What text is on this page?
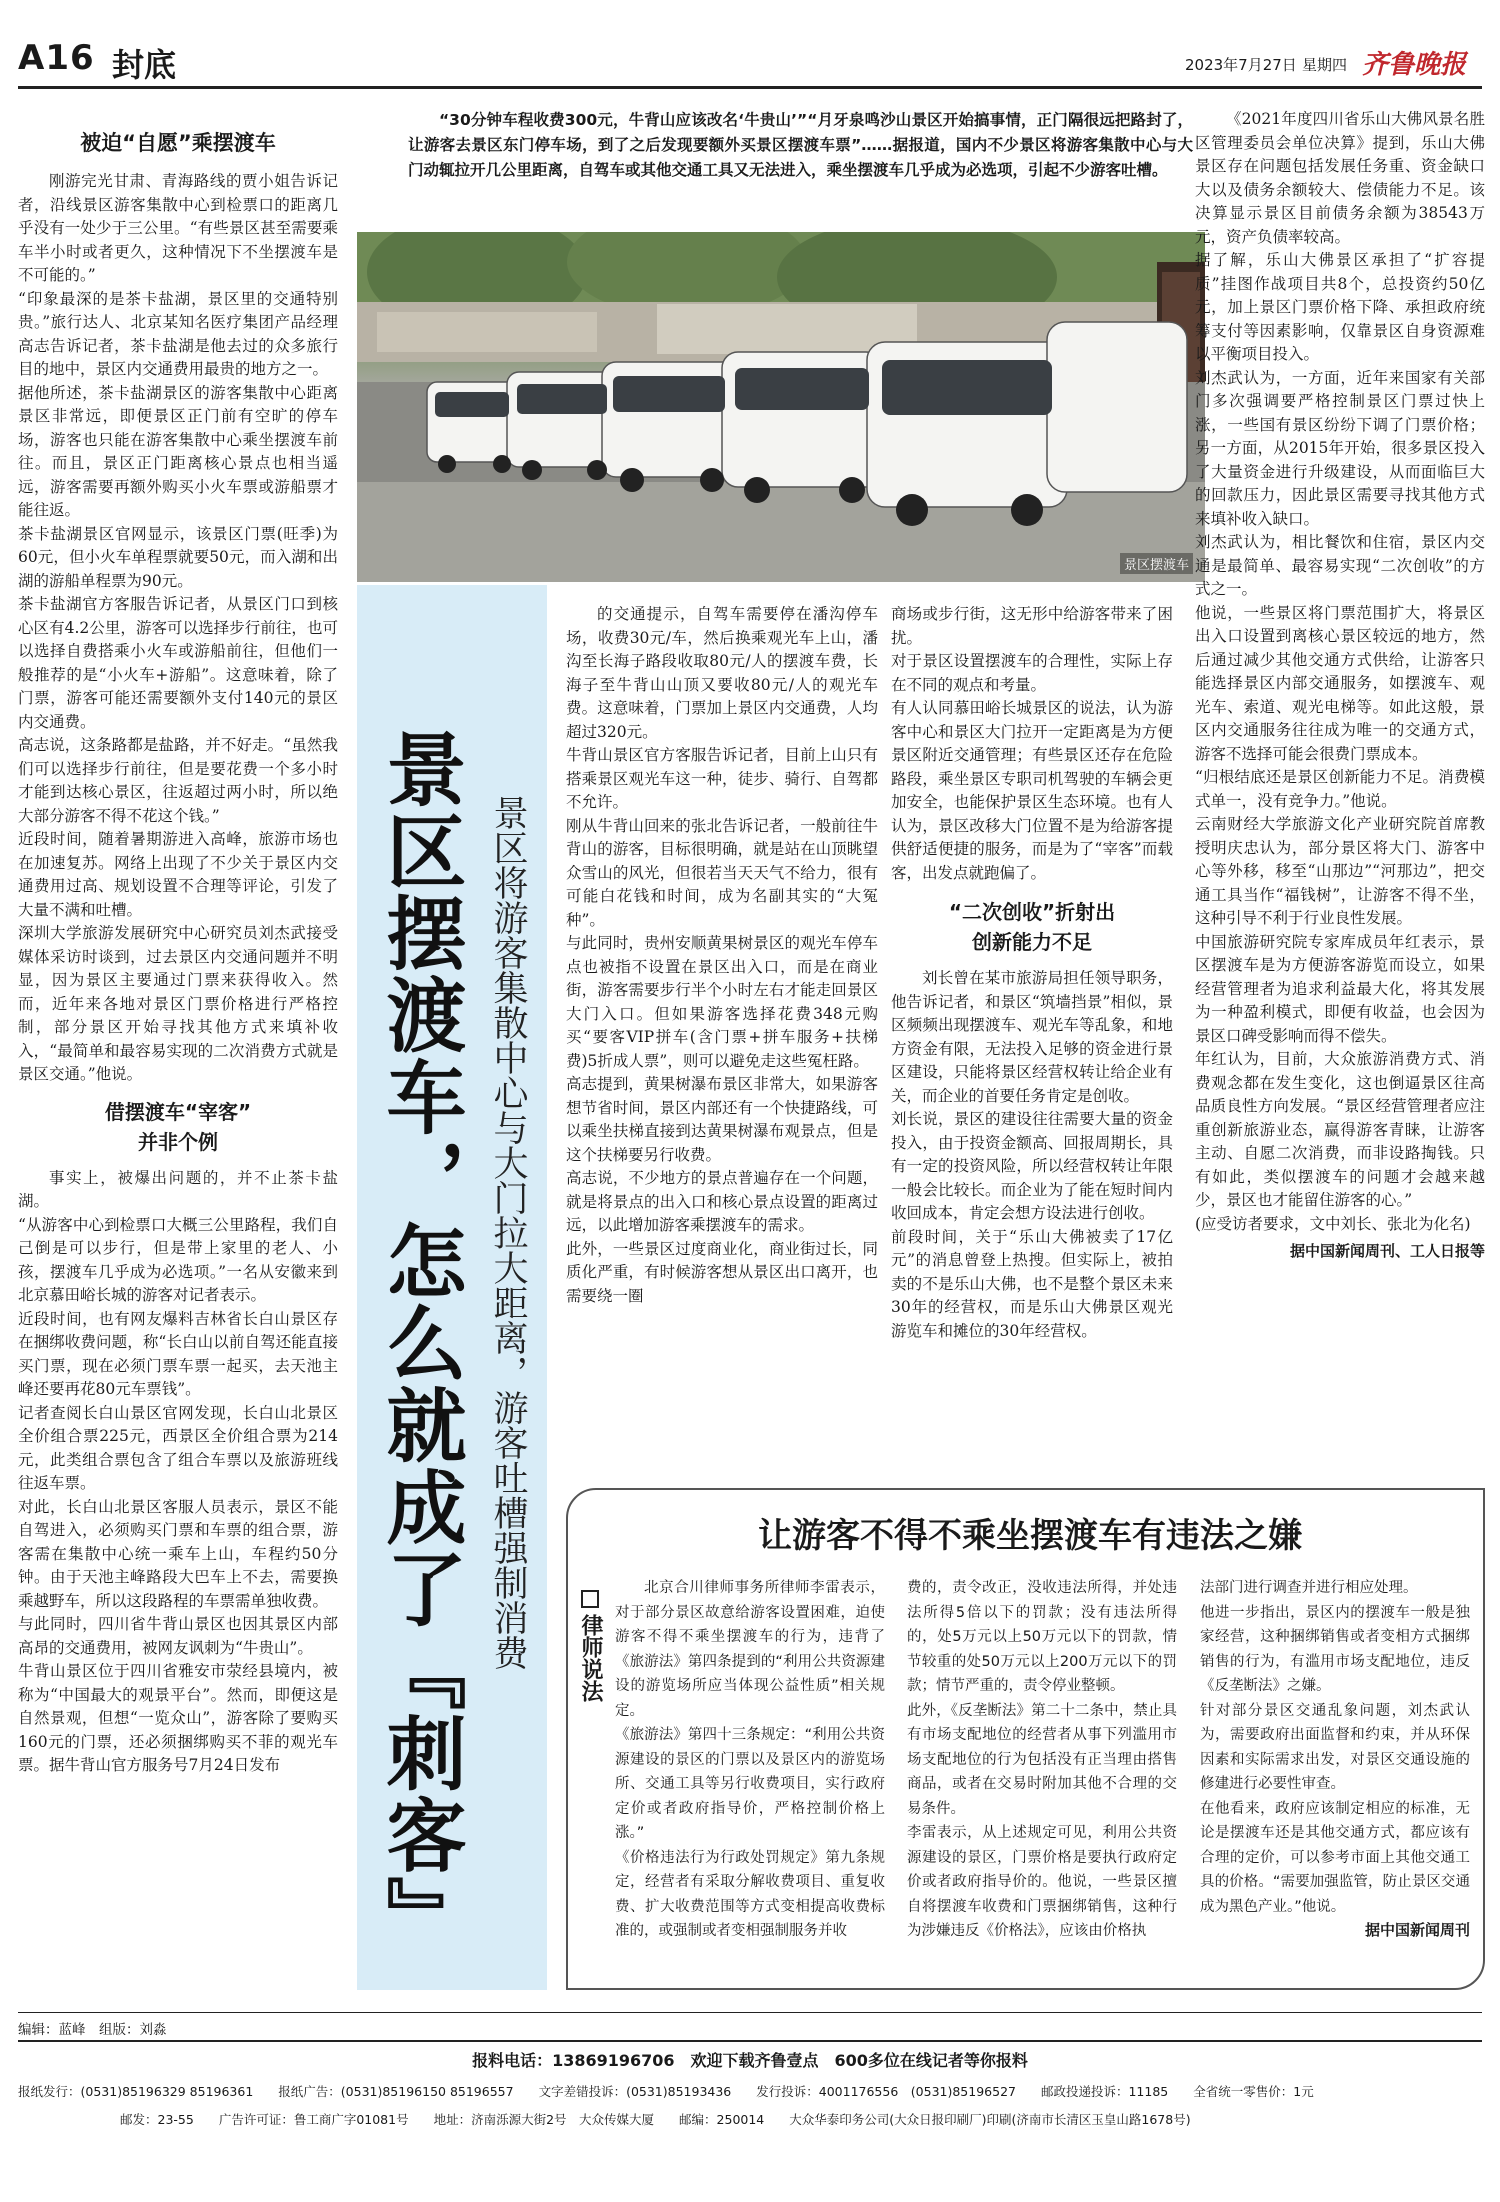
A16 封底	2023年7月27日 星期四 齐鲁晚报
被迫“自愿”乘摆渡车
刚游完光甘肃、青海路线的贾小姐告诉记者，沿线景区游客集散中心到检票口的距离几乎没有一处少于三公里。“有些景区甚至需要乘车半小时或者更久，这种情况下不坐摆渡车是不可能的。”
“印象最深的是茶卡盐湖，景区里的交通特别贵。”旅行达人、北京某知名医疗集团产品经理高志告诉记者，茶卡盐湖是他去过的众多旅行目的地中，景区内交通费用最贵的地方之一。
据他所述，茶卡盐湖景区的游客集散中心距离景区非常远，即便景区正门前有空旷的停车场，游客也只能在游客集散中心乘坐摆渡车前往。而且，景区正门距离核心景点也相当遥远，游客需要再额外购买小火车票或游船票才能往返。
茶卡盐湖景区官网显示，该景区门票(旺季)为60元，但小火车单程票就要50元，而入湖和出湖的游船单程票为90元。
茶卡盐湖官方客服告诉记者，从景区门口到核心区有4.2公里，游客可以选择步行前往，也可以选择自费搭乘小火车或游船前往，但他们一般推荐的是“小火车+游船”。这意味着，除了门票，游客可能还需要额外支付140元的景区内交通费。
高志说，这条路都是盐路，并不好走。“虽然我们可以选择步行前往，但是要花费一个多小时才能到达核心景区，往返超过两小时，所以绝大部分游客不得不花这个钱。”
近段时间，随着暑期游进入高峰，旅游市场也在加速复苏。网络上出现了不少关于景区内交通费用过高、规划设置不合理等评论，引发了大量不满和吐槽。
深圳大学旅游发展研究中心研究员刘杰武接受媒体采访时谈到，过去景区内交通问题并不明显，因为景区主要通过门票来获得收入。然而，近年来各地对景区门票价格进行严格控制，部分景区开始寻找其他方式来填补收入，“最简单和最容易实现的二次消费方式就是景区交通。”他说。
借摆渡车“宰客”
并非个例
事实上，被爆出问题的，并不止茶卡盐湖。
“从游客中心到检票口大概三公里路程，我们自己倒是可以步行，但是带上家里的老人、小孩，摆渡车几乎成为必选项。”一名从安徽来到北京慕田峪长城的游客对记者表示。
近段时间，也有网友爆料吉林省长白山景区存在捆绑收费问题，称“长白山以前自驾还能直接买门票，现在必须门票车票一起买，去天池主峰还要再花80元车票钱”。
记者查阅长白山景区官网发现，长白山北景区全价组合票225元，西景区全价组合票为214元，此类组合票包含了组合车票以及旅游班线往返车票。
对此，长白山北景区客服人员表示，景区不能自驾进入，必须购买门票和车票的组合票，游客需在集散中心统一乘车上山，车程约50分钟。由于天池主峰路段大巴车上不去，需要换乘越野车，所以这段路程的车票需单独收费。
与此同时，四川省牛背山景区也因其景区内部高昂的交通费用，被网友讽刺为“牛贵山”。
牛背山景区位于四川省雅安市荥经县境内，被称为“中国最大的观景平台”。然而，即便这是自然景观，但想“一览众山”，游客除了要购买160元的门票，还必须捆绑购买不菲的观光车票。据牛背山官方服务号7月24日发布
“30分钟车程收费300元，牛背山应该改名‘牛贵山’”“月牙泉鸣沙山景区开始搞事情，正门隔很远把路封了，让游客去景区东门停车场，到了之后发现要额外买景区摆渡车票”……据报道，国内不少景区将游客集散中心与大门动辄拉开几公里距离，自驾车或其他交通工具又无法进入，乘坐摆渡车几乎成为必选项，引起不少游客吐槽。
景区摆渡车
景区摆渡车，怎么就成了『刺客』 景区将游客集散中心与大门拉大距离，游客吐槽强制消费
的交通提示，自驾车需要停在潘沟停车场，收费30元/车，然后换乘观光车上山，潘沟至长海子路段收取80元/人的摆渡车费，长海子至牛背山山顶又要收80元/人的观光车费。这意味着，门票加上景区内交通费，人均超过320元。
牛背山景区官方客服告诉记者，目前上山只有搭乘景区观光车这一种，徒步、骑行、自驾都不允许。
刚从牛背山回来的张北告诉记者，一般前往牛背山的游客，目标很明确，就是站在山顶眺望众雪山的风光，但很若当天天气不给力，很有可能白花钱和时间，成为名副其实的“大冤种”。
与此同时，贵州安顺黄果树景区的观光车停车点也被指不设置在景区出入口，而是在商业街，游客需要步行半个小时左右才能走回景区大门入口。但如果游客选择花费348元购买“要客VIP拼车(含门票+拼车服务+扶梯费)5折成人票”，则可以避免走这些冤枉路。
高志提到，黄果树瀑布景区非常大，如果游客想节省时间，景区内部还有一个快捷路线，可以乘坐扶梯直接到达黄果树瀑布观景点，但是这个扶梯要另行收费。
高志说，不少地方的景点普遍存在一个问题，就是将景点的出入口和核心景点设置的距离过远，以此增加游客乘摆渡车的需求。
此外，一些景区过度商业化，商业街过长，同质化严重，有时候游客想从景区出口离开，也需要绕一圈
商场或步行街，这无形中给游客带来了困扰。
对于景区设置摆渡车的合理性，实际上存在不同的观点和考量。
有人认同慕田峪长城景区的说法，认为游客中心和景区大门拉开一定距离是为方便景区附近交通管理；有些景区还存在危险路段，乘坐景区专职司机驾驶的车辆会更加安全，也能保护景区生态环境。也有人认为，景区改移大门位置不是为给游客提供舒适便捷的服务，而是为了“宰客”而载客，出发点就跑偏了。
“二次创收”折射出
创新能力不足
刘长曾在某市旅游局担任领导职务，他告诉记者，和景区“筑墙挡景”相似，景区频频出现摆渡车、观光车等乱象，和地方资金有限，无法投入足够的资金进行景区建设，只能将景区经营权转让给企业有关，而企业的首要任务肯定是创收。
刘长说，景区的建设往往需要大量的资金投入，由于投资金额高、回报周期长，具有一定的投资风险，所以经营权转让年限一般会比较长。而企业为了能在短时间内收回成本，肯定会想方设法进行创收。
前段时间，关于“乐山大佛被卖了17亿元”的消息曾登上热搜。但实际上，被拍卖的不是乐山大佛，也不是整个景区未来30年的经营权，而是乐山大佛景区观光游览车和摊位的30年经营权。
《2021年度四川省乐山大佛风景名胜区管理委员会单位决算》提到，乐山大佛景区存在问题包括发展任务重、资金缺口大以及债务余额较大、偿债能力不足。该决算显示景区目前债务余额为38543万元，资产负债率较高。
据了解，乐山大佛景区承担了“扩容提质”挂图作战项目共8个，总投资约50亿元，加上景区门票价格下降、承担政府统筹支付等因素影响，仅靠景区自身资源难以平衡项目投入。
刘杰武认为，一方面，近年来国家有关部门多次强调要严格控制景区门票过快上涨，一些国有景区纷纷下调了门票价格；另一方面，从2015年开始，很多景区投入了大量资金进行升级建设，从而面临巨大的回款压力，因此景区需要寻找其他方式来填补收入缺口。
刘杰武认为，相比餐饮和住宿，景区内交通是最简单、最容易实现“二次创收”的方式之一。
他说，一些景区将门票范围扩大，将景区出入口设置到离核心景区较远的地方，然后通过减少其他交通方式供给，让游客只能选择景区内部交通服务，如摆渡车、观光车、索道、观光电梯等。如此这般，景区内交通服务往往成为唯一的交通方式，游客不选择可能会很费门票成本。
“归根结底还是景区创新能力不足。消费模式单一，没有竞争力。”他说。
云南财经大学旅游文化产业研究院首席教授明庆忠认为，部分景区将大门、游客中心等外移，移至“山那边”“河那边”，把交通工具当作“福钱树”，让游客不得不坐，这种引导不利于行业良性发展。
中国旅游研究院专家库成员年红表示，景区摆渡车是为方便游客游览而设立，如果经营管理者为追求利益最大化，将其发展为一种盈利模式，即便有收益，也会因为景区口碑受影响而得不偿失。
年红认为，目前，大众旅游消费方式、消费观念都在发生变化，这也倒逼景区往高品质良性方向发展。“景区经营管理者应注重创新旅游业态，赢得游客青睐，让游客主动、自愿二次消费，而非设路掏钱。只有如此，类似摆渡车的问题才会越来越少，景区也才能留住游客的心。”
(应受访者要求，文中刘长、张北为化名)
据中国新闻周刊、工人日报等
让游客不得不乘坐摆渡车有违法之嫌
律师说法
北京合川律师事务所律师李雷表示，对于部分景区故意给游客设置困难，迫使游客不得不乘坐摆渡车的行为，违背了《旅游法》第四条提到的“利用公共资源建设的游览场所应当体现公益性质”相关规定。
《旅游法》第四十三条规定：“利用公共资源建设的景区的门票以及景区内的游览场所、交通工具等另行收费项目，实行政府定价或者政府指导价，严格控制价格上涨。”
《价格违法行为行政处罚规定》第九条规定，经营者有采取分解收费项目、重复收费、扩大收费范围等方式变相提高收费标准的，或强制或者变相强制服务并收
费的，责令改正，没收违法所得，并处违法所得5倍以下的罚款；没有违法所得的，处5万元以上50万元以下的罚款，情节较重的处50万元以上200万元以下的罚款；情节严重的，责令停业整顿。
此外，《反垄断法》第二十二条中，禁止具有市场支配地位的经营者从事下列滥用市场支配地位的行为包括没有正当理由搭售商品，或者在交易时附加其他不合理的交易条件。
李雷表示，从上述规定可见，利用公共资源建设的景区，门票价格是要执行政府定价或者政府指导价的。他说，一些景区擅自将摆渡车收费和门票捆绑销售，这种行为涉嫌违反《价格法》，应该由价格执
法部门进行调查并进行相应处理。
他进一步指出，景区内的摆渡车一般是独家经营，这种捆绑销售或者变相方式捆绑销售的行为，有滥用市场支配地位，违反《反垄断法》之嫌。
针对部分景区交通乱象问题，刘杰武认为，需要政府出面监督和约束，并从环保因素和实际需求出发，对景区交通设施的修建进行必要性审查。
在他看来，政府应该制定相应的标准，无论是摆渡车还是其他交通方式，都应该有合理的定价，可以参考市面上其他交通工具的价格。“需要加强监管，防止景区交通成为黑色产业。”他说。
据中国新闻周刊
编辑：蓝峰　组版：刘淼
报料电话：13869196706　欢迎下载齐鲁壹点　600多位在线记者等你报料
报纸发行：(0531)85196329 85196361　　报纸广告：(0531)85196150 85196557　　文字差错投诉：(0531)85193436　　发行投诉：4001176556　(0531)85196527　　邮政投递投诉：11185　　全省统一零售价：1元
邮发：23-55　　广告许可证：鲁工商广字01081号　　地址：济南泺源大街2号　大众传媒大厦　　邮编：250014　　大众华泰印务公司(大众日报印刷厂)印刷(济南市长清区玉皇山路1678号)
